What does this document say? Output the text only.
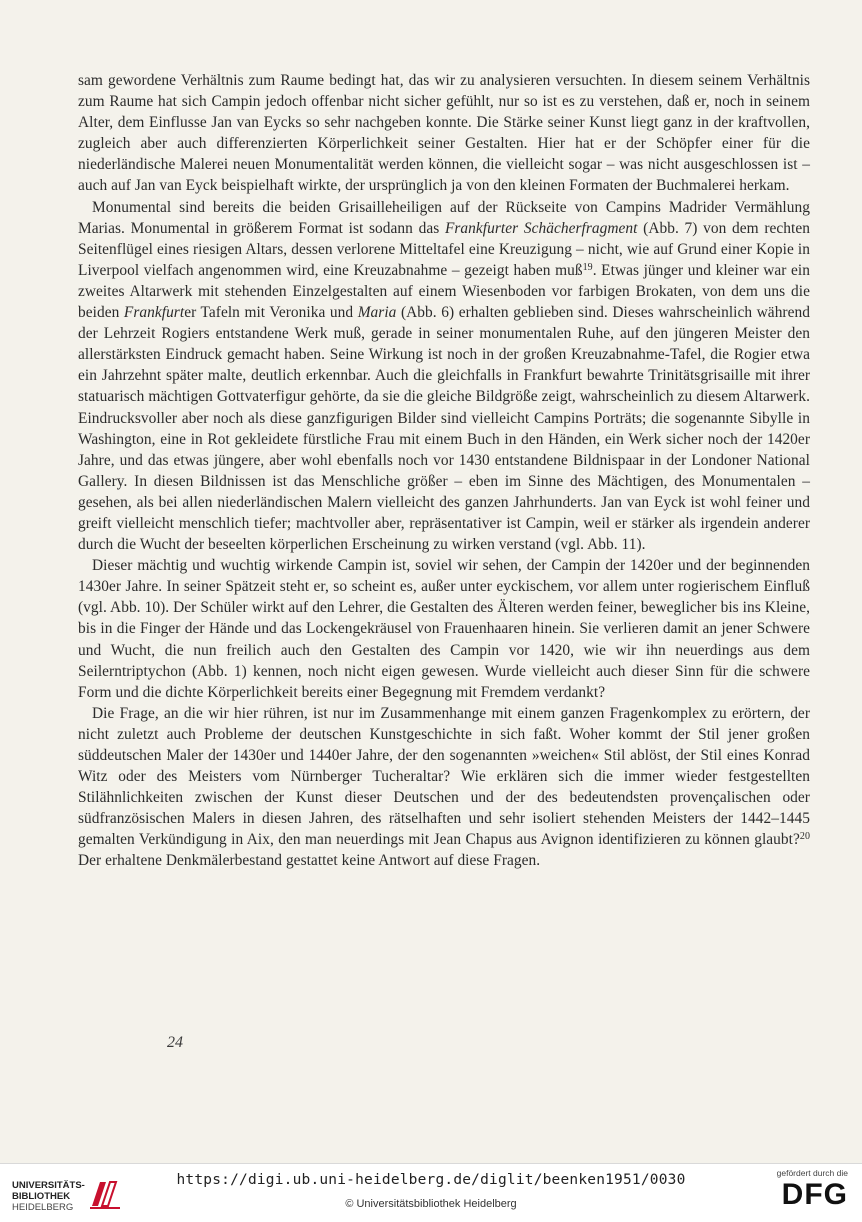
sam gewordene Verhältnis zum Raume bedingt hat, das wir zu analysieren versuchten. In diesem seinem Verhältnis zum Raume hat sich Campin jedoch offenbar nicht sicher gefühlt, nur so ist es zu verstehen, daß er, noch in seinem Alter, dem Einflusse Jan van Eycks so sehr nachgeben konnte. Die Stärke seiner Kunst liegt ganz in der kraftvollen, zugleich aber auch differenzierten Körperlichkeit seiner Gestalten. Hier hat er der Schöpfer einer für die niederländische Malerei neuen Monumentalität werden können, die vielleicht sogar – was nicht ausgeschlossen ist – auch auf Jan van Eyck beispielhaft wirkte, der ursprünglich ja von den kleinen Formaten der Buchmalerei herkam.

Monumental sind bereits die beiden Grisailleheiligen auf der Rückseite von Campins Madrider Vermählung Marias. Monumental in größerem Format ist sodann das Frankfurter Schächerfragment (Abb. 7) von dem rechten Seitenflügel eines riesigen Altars, dessen verlorene Mitteltafel eine Kreuzigung – nicht, wie auf Grund einer Kopie in Liverpool vielfach angenommen wird, eine Kreuzabnahme – gezeigt haben muß$^{19}$. Etwas jünger und kleiner war ein zweites Altarwerk mit stehenden Einzelgestalten auf einem Wiesenboden vor farbigen Brokaten, von dem uns die beiden Frankfurter Tafeln mit Veronika und Maria (Abb. 6) erhalten geblieben sind. Dieses wahrscheinlich während der Lehrzeit Rogiers entstandene Werk muß, gerade in seiner monumentalen Ruhe, auf den jüngeren Meister den allerstärksten Eindruck gemacht haben. Seine Wirkung ist noch in der großen Kreuzabnahme-Tafel, die Rogier etwa ein Jahrzehnt später malte, deutlich erkennbar. Auch die gleichfalls in Frankfurt bewahrte Trinitätsgrisaille mit ihrer statuarisch mächtigen Gottvaterfigur gehörte, da sie die gleiche Bildgröße zeigt, wahrscheinlich zu diesem Altarwerk. Eindrucksvoller aber noch als diese ganzfigurigen Bilder sind vielleicht Campins Porträts; die sogenannte Sibylle in Washington, eine in Rot gekleidete fürstliche Frau mit einem Buch in den Händen, ein Werk sicher noch der 1420er Jahre, und das etwas jüngere, aber wohl ebenfalls noch vor 1430 entstandene Bildnispaar in der Londoner National Gallery. In diesen Bildnissen ist das Menschliche größer – eben im Sinne des Mächtigen, des Monumentalen – gesehen, als bei allen niederländischen Malern vielleicht des ganzen Jahrhunderts. Jan van Eyck ist wohl feiner und greift vielleicht menschlich tiefer; machtvoller aber, repräsentativer ist Campin, weil er stärker als irgendein anderer durch die Wucht der beseelten körperlichen Erscheinung zu wirken verstand (vgl. Abb. 11).

Dieser mächtig und wuchtig wirkende Campin ist, soviel wir sehen, der Campin der 1420er und der beginnenden 1430er Jahre. In seiner Spätzeit steht er, so scheint es, außer unter eyckischem, vor allem unter rogierischem Einfluß (vgl. Abb. 10). Der Schüler wirkt auf den Lehrer, die Gestalten des Älteren werden feiner, beweglicher bis ins Kleine, bis in die Finger der Hände und das Lockengekräusel von Frauenhaaren hinein. Sie verlieren damit an jener Schwere und Wucht, die nun freilich auch den Gestalten des Campin vor 1420, wie wir ihn neuerdings aus dem Seilerntriptychon (Abb. 1) kennen, noch nicht eigen gewesen. Wurde vielleicht auch dieser Sinn für die schwere Form und die dichte Körperlichkeit bereits einer Begegnung mit Fremdem verdankt?

Die Frage, an die wir hier rühren, ist nur im Zusammenhange mit einem ganzen Fragenkomplex zu erörtern, der nicht zuletzt auch Probleme der deutschen Kunstgeschichte in sich faßt. Woher kommt der Stil jener großen süddeutschen Maler der 1430er und 1440er Jahre, der den sogenannten »weichen« Stil ablöst, der Stil eines Konrad Witz oder des Meisters vom Nürnberger Tucheraltar? Wie erklären sich die immer wieder festgestellten Stilähnlichkeiten zwischen der Kunst dieser Deutschen und der des bedeutendsten provençalischen oder südfranzösischen Malers in diesen Jahren, des rätselhaften und sehr isoliert stehenden Meisters der 1442–1445 gemalten Verkündigung in Aix, den man neuerdings mit Jean Chapus aus Avignon identifizieren zu können glaubt?$^{20}$ Der erhaltene Denkmälerbestand gestattet keine Antwort auf diese Fragen.

24
UNIVERSITÄTS-
BIBLIOTHEK
HEIDELBERG
https://digi.ub.uni-heidelberg.de/diglit/beenken1951/0030
© Universitätsbibliothek Heidelberg
gefördert durch die
DFG
